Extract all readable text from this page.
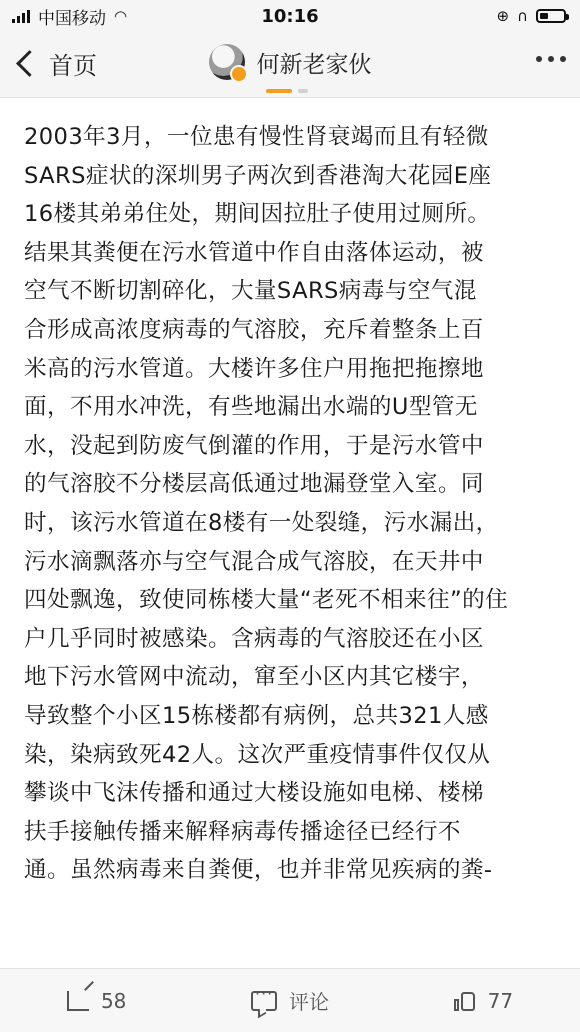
中国移动 ◠	10:16	⊕ ∩
首页	何新老家伙

2003年3月，一位患有慢性肾衰竭而且有轻微

SARS症状的深圳男子两次到香港淘大花园E座

16楼其弟弟住处，期间因拉肚子使用过厕所。

结果其粪便在污水管道中作自由落体运动，被

空气不断切割碎化，大量SARS病毒与空气混

合形成高浓度病毒的气溶胶，充斥着整条上百

米高的污水管道。大楼许多住户用拖把拖擦地

面，不用水冲洗，有些地漏出水端的U型管无

水，没起到防废气倒灌的作用，于是污水管中

的气溶胶不分楼层高低通过地漏登堂入室。同

时，该污水管道在8楼有一处裂缝，污水漏出，

污水滴飘落亦与空气混合成气溶胶，在天井中

四处飘逸，致使同栋楼大量“老死不相来往”的住

户几乎同时被感染。含病毒的气溶胶还在小区

地下污水管网中流动，窜至小区内其它楼宇，

导致整个小区15栋楼都有病例，总共321人感

染，染病致死42人。这次严重疫情事件仅仅从

攀谈中飞沫传播和通过大楼设施如电梯、楼梯

扶手接触传播来解释病毒传播途径已经行不

通。虽然病毒来自粪便，也并非常见疾病的粪-

58
···	评论	77
